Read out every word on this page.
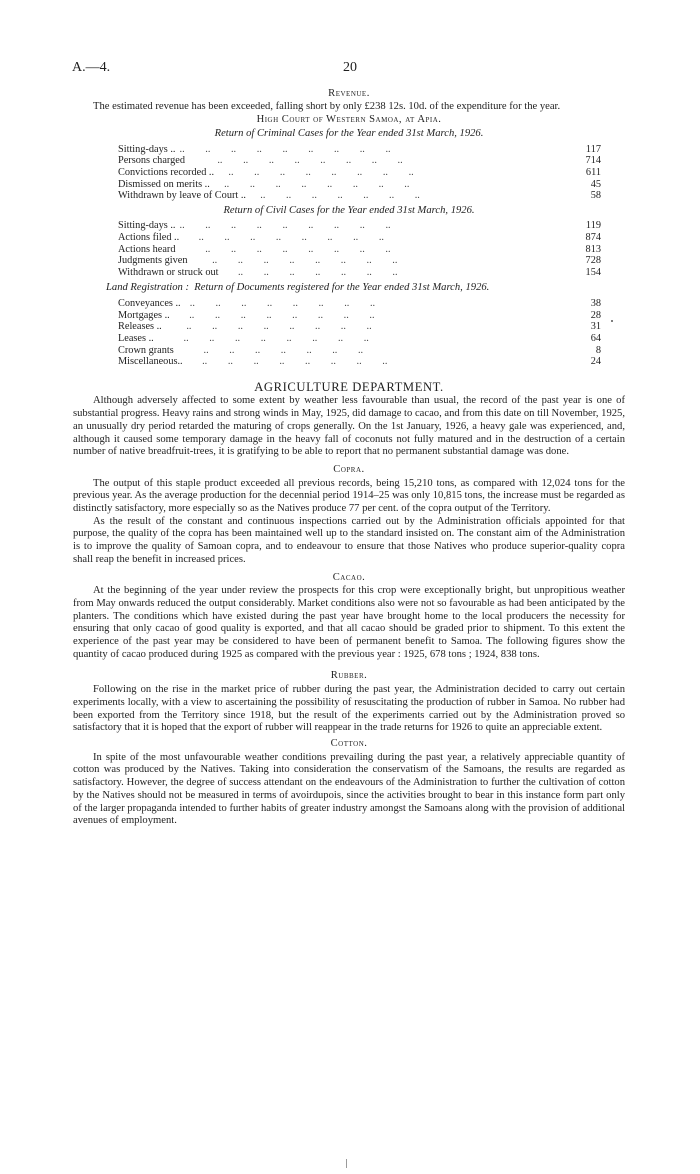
A.—4.	20

Revenue.

The estimated revenue has been exceeded, falling short by only £238 12s. 10d. of the expenditure for the year.

High Court of Western Samoa, at Apia.

Return of Criminal Cases for the Year ended 31st March, 1926.

Sitting-days .. ..        ..        ..        ..        ..        ..        ..        ..        ..	117
Persons charged ..        ..        ..        ..        ..        ..        ..        ..	714
Convictions recorded .. ..        ..        ..        ..        ..        ..        ..        ..	611
Dismissed on merits .. ..        ..        ..        ..        ..        ..        ..        ..	45
Withdrawn by leave of Court .. ..        ..        ..        ..        ..        ..        ..	58

Return of Civil Cases for the Year ended 31st March, 1926.

Sitting-days .. ..        ..        ..        ..        ..        ..        ..        ..        ..	119
Actions filed .. ..        ..        ..        ..        ..        ..        ..        ..	874
Actions heard ..        ..        ..        ..        ..        ..        ..        ..	813
Judgments given ..        ..        ..        ..        ..        ..        ..        ..	728
Withdrawn or struck out ..        ..        ..        ..        ..        ..        ..	154

Land Registration : Return of Documents registered for the Year ended 31st March, 1926.

Conveyances .. ..        ..        ..        ..        ..        ..        ..        ..	38
Mortgages .. ..        ..        ..        ..        ..        ..        ..        ..	28
Releases .. ..        ..        ..        ..        ..        ..        ..        ..	31
Leases .. ..        ..        ..        ..        ..        ..        ..        ..	64
Crown grants ..        ..        ..        ..        ..        ..        ..	8
Miscellaneous.. ..        ..        ..        ..        ..        ..        ..        ..	24

AGRICULTURE DEPARTMENT.

Although adversely affected to some extent by weather less favourable than usual, the record of the past year is one of substantial progress. Heavy rains and strong winds in May, 1925, did damage to cacao, and from this date on till November, 1925, an unusually dry period retarded the maturing of crops generally. On the 1st January, 1926, a heavy gale was experienced, and, although it caused some temporary damage in the heavy fall of coconuts not fully matured and in the destruction of a certain number of native breadfruit-trees, it is gratifying to be able to report that no permanent substantial damage was done.

Copra.

The output of this staple product exceeded all previous records, being 15,210 tons, as compared with 12,024 tons for the previous year. As the average production for the decennial period 1914–25 was only 10,815 tons, the increase must be regarded as distinctly satisfactory, more especially so as the Natives produce 77 per cent. of the copra output of the Territory.

As the result of the constant and continuous inspections carried out by the Administration officials appointed for that purpose, the quality of the copra has been maintained well up to the standard insisted on. The constant aim of the Administration is to improve the quality of Samoan copra, and to endeavour to ensure that those Natives who produce superior-quality copra shall reap the benefit in increased prices.

Cacao.

At the beginning of the year under review the prospects for this crop were exceptionally bright, but unpropitious weather from May onwards reduced the output considerably. Market conditions also were not so favourable as had been anticipated by the planters. The conditions which have existed during the past year have brought home to the local producers the necessity for ensuring that only cacao of good quality is exported, and that all cacao should be graded prior to shipment. To this extent the experience of the past year may be considered to have been of permanent benefit to Samoa. The following figures show the quantity of cacao produced during 1925 as compared with the previous year : 1925, 678 tons ; 1924, 838 tons.

Rubber.

Following on the rise in the market price of rubber during the past year, the Administration decided to carry out certain experiments locally, with a view to ascertaining the possibility of resuscitating the production of rubber in Samoa. No rubber had been exported from the Territory since 1918, but the result of the experiments carried out by the Administration proved so satisfactory that it is hoped that the export of rubber will reappear in the trade returns for 1926 to quite an appreciable extent.

Cotton.

In spite of the most unfavourable weather conditions prevailing during the past year, a relatively appreciable quantity of cotton was produced by the Natives. Taking into consideration the conservatism of the Samoans, the results are regarded as satisfactory. However, the degree of success attendant on the endeavours of the Administration to further the cultivation of cotton by the Natives should not be measured in terms of avoirdupois, since the activities brought to bear in this instance form part only of the larger propaganda intended to further habits of greater industry amongst the Samoans along with the provision of additional avenues of employment.
